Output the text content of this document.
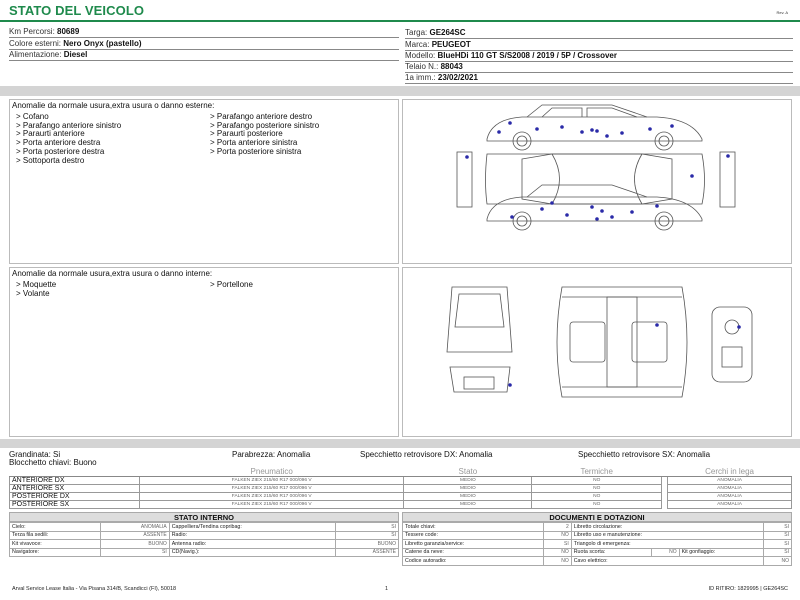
STATO DEL VEICOLO	Rev. A
Km Percorsi: 80689
Colore esterni: Nero Onyx (pastello)
Alimentazione: Diesel
Targa: GE264SC
Marca: PEUGEOT
Modello: BlueHDi 110 GT S/S2008 / 2019 / 5P / Crossover
Telaio N.: 88043
1a imm.: 23/02/2021
Anomalie da normale usura,extra usura o danno esterne:
> Cofano
> Parafango anteriore sinistro
> Paraurti anteriore
> Porta anteriore destra
> Porta posteriore destra
> Sottoporta destro
> Parafango anteriore destro
> Parafango posteriore sinistro
> Paraurti posteriore
> Porta anteriore sinistra
> Porta posteriore sinistra
Anomalie da normale usura,extra usura o danno interne:
> Moquette
> Volante
> Portellone
Grandinata: Si	Parabrezza: Anomalia	Specchietto retrovisore DX: Anomalia	Specchietto retrovisore SX: Anomalia
Blocchetto chiavi: Buono
	Pneumatico	Stato	Termiche		Cerchi in lega
ANTERIORE DX	FALKEN ZIEX 215/60 R17 000/096 V	MEDIO	NO		ANOMALIA
ANTERIORE SX	FALKEN ZIEX 215/60 R17 000/096 V	MEDIO	NO		ANOMALIA
POSTERIORE DX	FALKEN ZIEX 215/60 R17 000/096 V	MEDIO	NO		ANOMALIA
POSTERIORE SX	FALKEN ZIEX 215/60 R17 000/096 V	MEDIO	NO		ANOMALIA
STATO INTERNO
Cielo:	ANOMALIA	Cappelliera/Tendina copribag:	SI
Terza fila sedili:	ASSENTE	Radio:	SI
Kit vivavoce:	BUONO	Antenna radio:	BUONO
Navigatore:	SI	CD(Navig.):	ASSENTE
DOCUMENTI E DOTAZIONI
Totale chiavi:	2	Libretto circolazione:			SI
Tessere code:	NO	Libretto uso e manutenzione:			SI
Libretto garanzia/service:	SI	Triangolo di emergenza:			SI
Catene da neve:	NO	Ruota scorta:	NO	Kit gonfiaggio:	SI
Codice autoradio:	NO	Cavo elettrico:			NO
Arval Service Lease Italia - Via Pisana 314/B, Scandicci (FI), 50018	1	ID RITIRO: 1829995 | GE264SC
